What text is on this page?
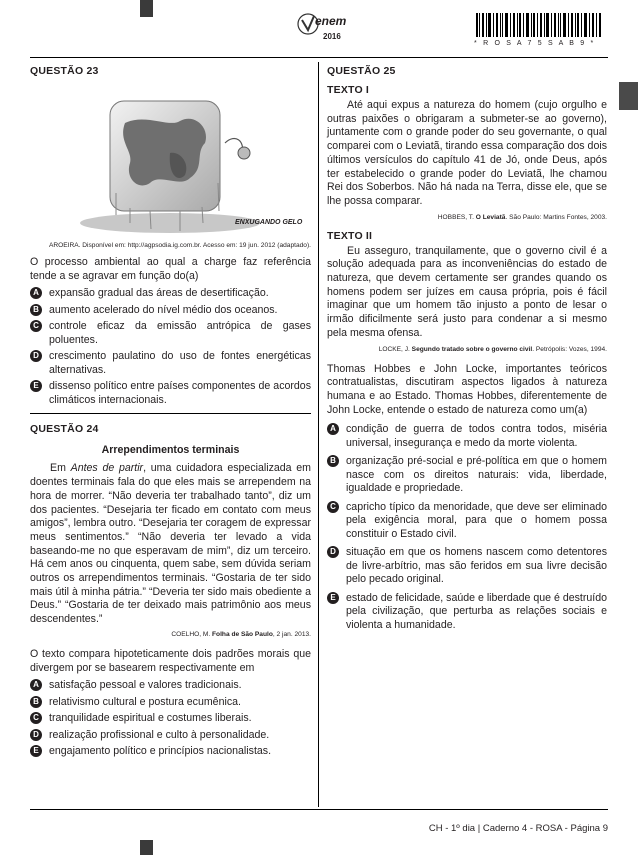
enem
2016
* R O S A 7 5 S A B 9 *
QUESTÃO 23
ENXUGANDO GELO
AROEIRA. Disponível em: http://agpsodia.ig.com.br. Acesso em: 19 jun. 2012 (adaptado).
O processo ambiental ao qual a charge faz referência tende a se agravar em função do(a)
A expansão gradual das áreas de desertificação.
B aumento acelerado do nível médio dos oceanos.
C controle eficaz da emissão antrópica de gases poluentes.
D crescimento paulatino do uso de fontes energéticas alternativas.
E dissenso político entre países componentes de acordos climáticos internacionais.
QUESTÃO 24
Arrependimentos terminais
Em Antes de partir, uma cuidadora especializada em doentes terminais fala do que eles mais se arrependem na hora de morrer. “Não deveria ter trabalhado tanto”, diz um dos pacientes. “Desejaria ter ficado em contato com meus amigos”, lembra outro. “Desejaria ter coragem de expressar meus sentimentos.” “Não deveria ter levado a vida baseando-me no que esperavam de mim”, diz um terceiro. Há cem anos ou cinquenta, quem sabe, sem dúvida seriam outros os arrependimentos terminais. “Gostaria de ter sido mais útil à minha pátria.” “Deveria ter sido mais obediente a Deus.” “Gostaria de ter deixado mais patrimônio aos meus descendentes.”
COELHO, M. Folha de São Paulo, 2 jan. 2013.
O texto compara hipoteticamente dois padrões morais que divergem por se basearem respectivamente em
A satisfação pessoal e valores tradicionais.
B relativismo cultural e postura ecumênica.
C tranquilidade espiritual e costumes liberais.
D realização profissional e culto à personalidade.
E engajamento político e princípios nacionalistas.
QUESTÃO 25
TEXTO I
Até aqui expus a natureza do homem (cujo orgulho e outras paixões o obrigaram a submeter-se ao governo), juntamente com o grande poder do seu governante, o qual comparei com o Leviatã, tirando essa comparação dos dois últimos versículos do capítulo 41 de Jó, onde Deus, após ter estabelecido o grande poder do Leviatã, lhe chamou Rei dos Soberbos. Não há nada na Terra, disse ele, que se lhe possa comparar.
HOBBES, T. O Leviatã. São Paulo: Martins Fontes, 2003.
TEXTO II
Eu asseguro, tranquilamente, que o governo civil é a solução adequada para as inconveniências do estado de natureza, que devem certamente ser grandes quando os homens podem ser juízes em causa própria, pois é fácil imaginar que um homem tão injusto a ponto de lesar o irmão dificilmente será justo para condenar a si mesmo pela mesma ofensa.
LOCKE, J. Segundo tratado sobre o governo civil. Petrópolis: Vozes, 1994.
Thomas Hobbes e John Locke, importantes teóricos contratualistas, discutiram aspectos ligados à natureza humana e ao Estado. Thomas Hobbes, diferentemente de John Locke, entende o estado de natureza como um(a)
A condição de guerra de todos contra todos, miséria universal, insegurança e medo da morte violenta.
B organização pré-social e pré-política em que o homem nasce com os direitos naturais: vida, liberdade, igualdade e propriedade.
C capricho típico da menoridade, que deve ser eliminado pela exigência moral, para que o homem possa constituir o Estado civil.
D situação em que os homens nascem como detentores de livre-arbítrio, mas são feridos em sua livre decisão pelo pecado original.
E estado de felicidade, saúde e liberdade que é destruído pela civilização, que perturba as relações sociais e violenta a humanidade.
CH - 1º dia | Caderno 4 - ROSA - Página 9
